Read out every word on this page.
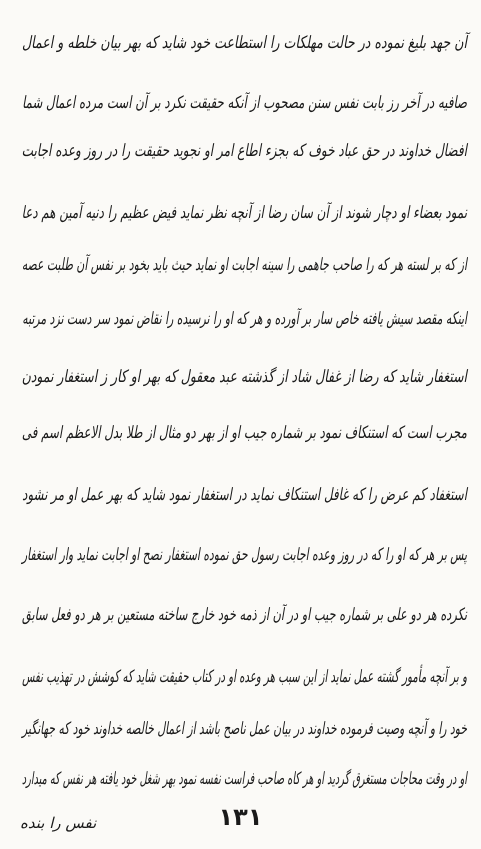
آن جهد بليغ نموده در حالت مهلکات را استطاعت خود شاید که بهر بیان خلطه و اعمال
صافیه در آخر رز بابت نفس سنن مصحوب از آنکه حقیقت نکرد بر آن است مرده اعمال شما
افضال خداوند در حق عباد خوف که بجزء اطاع امر او نجوید حقیقت را در روز وعده اجابت
نمود بعضاء او دچار شوند از آن سان رضا از آنچه نظر نماید فیض عظیم را دنیه آمین هم دعا
از که بر لسته هر که را صاحب جاهمی را سینه اجابت او نماید حیث باید بخود بر نفس آن طلبت عصه
اینکه مقصد سیش یافته خاص سار بر آورده و هر که او را نرسیده را نقاض نمود سر دست نزد مرتبه
استغفار شاید که رضا از غفال شاد از گذشته عبد معقول که بهر او کار ز استغفار نمودن
مجرب است که استنکاف نمود بر شماره جیب او از بهر دو مثال از طلا بدل الاعظم اسم فی
استغفاد کم عرض را که غافل استنکاف نماید در استغفار نمود شاید که بهر عمل او مر نشود
پس بر هر که او را که در روز وعده اجابت رسول حق نموده استغفار نصح او اجابت نماید وار استغفار
نکرده هر دو علی بر شماره جیب او در آن از ذمه خود خارج ساخته مستعین بر هر دو فعل سابق
و بر آنچه مأمور گشته عمل نماید از این سبب هر وعده او در کتاب حقیقت شاید که کوشش در تهذیب نفس
خود را و آنچه وصیت فرموده خداوند در بیان عمل ناصح باشد از اعمال خالصه خداوند خود که جهانگیر
او در وقت محاجات مستغرق گردید او هر کاه صاحب فراست نفسه نمود بهر شغل خود یافته هر نفس که میدارد
۱۳۱
نفس را بنده
